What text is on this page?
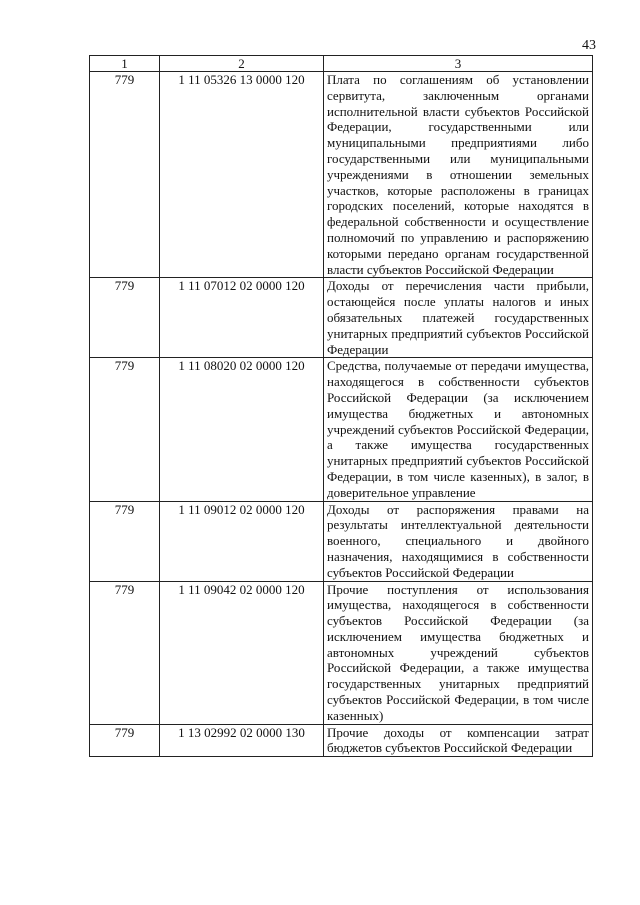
43
1	2	3
779	1 11 05326 13 0000 120	Плата по соглашениям об установлении сервитута, заключенным органами исполнительной власти субъектов Российской Федерации, государственными или муниципальными предприятиями либо государственными или муниципальными учреждениями в отношении земельных участков, которые расположены в границах городских поселений, которые находятся в федеральной собственности и осуществление полномочий по управлению и распоряжению которыми передано органам государственной власти субъектов Российской Федерации
779	1 11 07012 02 0000 120	Доходы от перечисления части прибыли, остающейся после уплаты налогов и иных обязательных платежей государственных унитарных предприятий субъектов Российской Федерации
779	1 11 08020 02 0000 120	Средства, получаемые от передачи имущества, находящегося в собственности субъектов Российской Федерации (за исключением имущества бюджетных и автономных учреждений субъектов Российской Федерации, а также имущества государственных унитарных предприятий субъектов Российской Федерации, в том числе казенных), в залог, в доверительное управление
779	1 11 09012 02 0000 120	Доходы от распоряжения правами на результаты интеллектуальной деятельности военного, специального и двойного назначения, находящимися в собственности субъектов Российской Федерации
779	1 11 09042 02 0000 120	Прочие поступления от использования имущества, находящегося в собственности субъектов Российской Федерации (за исключением имущества бюджетных и автономных учреждений субъектов Российской Федерации, а также имущества государственных унитарных предприятий субъектов Российской Федерации, в том числе казенных)
779	1 13 02992 02 0000 130	Прочие доходы от компенсации затрат бюджетов субъектов Российской Федерации
